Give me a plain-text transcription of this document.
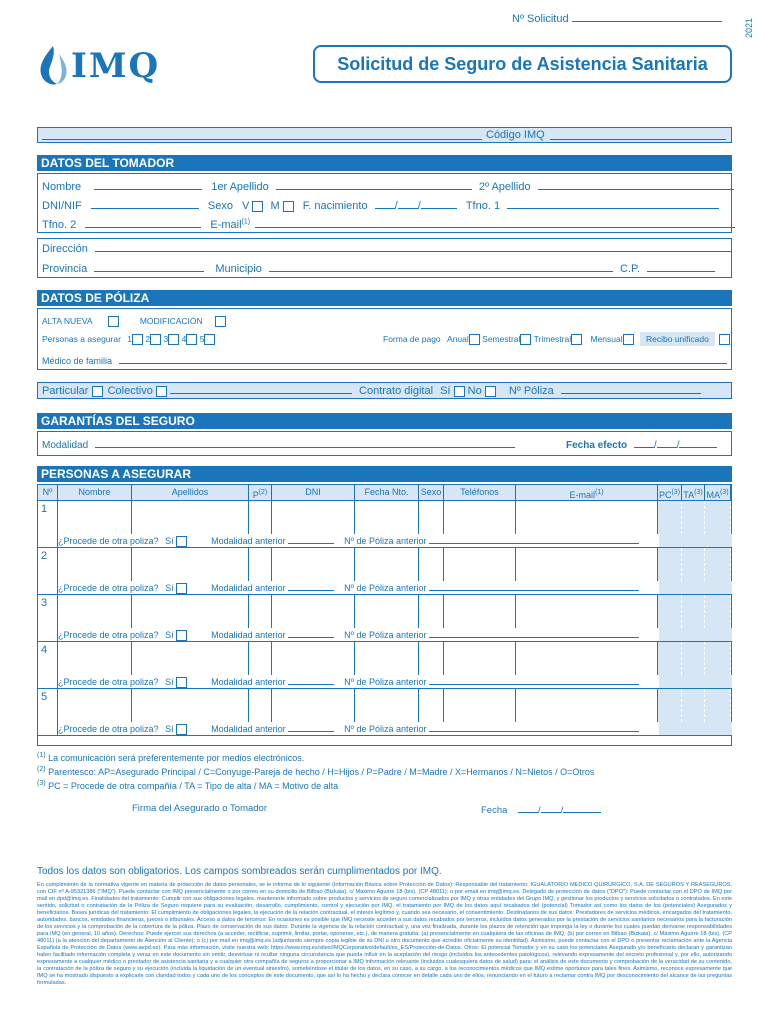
Nº Solicitud	2021
IMQ	Solicitud de Seguro de Asistencia Sanitaria
Código IMQ
DATOS DEL TOMADOR
Nombre	1er Apellido	2º Apellido
DNI/NIF	Sexo V M F. nacimiento / /	Tfno. 1
Tfno. 2	E-mail$^{(1)}$
Dirección
Provincia	Municipio	C.P.
DATOS DE PÓLIZA
ALTA NUEVA	MODIFICACIÓN
Personas a asegurar 1 2 3 4 5	Forma de pago Anual Semestral Trimestral Mensual	Recibo unificado
Médico de familia
Particular Colectivo	Contrato digital Sí No Nº Póliza
GARANTÍAS DEL SEGURO
Modalidad	Fecha efecto	/ /
PERSONAS A ASEGURAR
Nº	Nombre	Apellidos	$P^{(2)}$	DNI	Fecha Nto.	Sexo	Teléfonos	E-mail$^{(1)}$	PC$^{(3)}$ TA$^{(3)}$ MA$^{(3)}$
1
¿Procede de otra poliza? Sí	Modalidad anterior	Nº de Póliza anterior
2
¿Procede de otra poliza? Sí	Modalidad anterior	Nº de Póliza anterior
3
¿Procede de otra poliza? Sí	Modalidad anterior	Nº de Póliza anterior
4
¿Procede de otra poliza? Sí	Modalidad anterior	Nº de Póliza anterior
5
¿Procede de otra poliza? Sí	Modalidad anterior	Nº de Póliza anterior
$^{(1)}$ La comunicación será preferentemente por medios electrónicos.
$^{(2)}$ Parentesco: AP=Asegurado Principal / C=Conyuge-Pareja de hecho / H=Hijos / P=Padre / M=Madre / X=Hermanos / N=Nietos / O=Otros
$^{(3)}$ PC = Procede de otra compañía / TA = Tipo de alta / MA = Motivo de alta
Firma del Asegurado o Tomador	Fecha	/ /
Todos los datos son obligatorios. Los campos sombreados serán cumplimentados por IMQ.
En cumplimiento de la normativa vigente en materia de protección de datos personales, se le informa de lo siguiente (Información Básica sobre Protección de Datos): Responsable del tratamiento: IGUALATORIO MÉDICO QUIRÚRGICO, S.A. DE SEGUROS Y REASEGUROS, con CIF nº A-95321386 ("IMQ"). Puede contactar con IMQ presencialmente o por correo en su domicilio de Bilbao (Bizkaia), c/ Máximo Aguirre 18 (bis), (CP 48011); o por email en imq@imq.es. Delegado de protección de datos ("DPO"): Puede contactar con el DPO de IMQ por mail en dpd@imq.es. Finalidades del tratamiento: Cumplir con sus obligaciones legales, mantenerle informado sobre productos y servicios de seguro comercializados por IMQ y otras entidades del Grupo IMQ, y gestionar los productos y servicios solicitados o contratados. En este sentido, solicitud o contratación de la Póliza de Seguro requiere para su evaluación, desarrollo, cumplimiento, control y ejecución por IMQ, el tratamiento por IMQ de los datos aquí recabados del (potencial) Tomador así como los datos de los (potenciales) Asegurados y beneficiarios. Bases jurídicas del tratamiento: El cumplimiento de obligaciones legales, la ejecución de la relación contractual, el interés legítimo y, cuando sea necesario, el consentimiento. Destinatarios de sus datos: Prestadores de servicios médicos, encargados del tratamiento, autoridades, bancos, entidades financieras, jueces o tribunales. Acceso a datos de terceros: En ocasiones es posible que IMQ necesite acceder a sus datos recabados por terceros, incluidos datos generados por la prestación de servicios sanitarios necesarios para la facturación de los servicios y la comprobación de la cobertura de la póliza. Plazo de conservación de sus datos: Durante la vigencia de la relación contractual y, una vez finalizada, durante los plazos de retención que imponga la ley o durante los cuales puedan derivarse responsabilidades para IMQ (en general, 10 años). Derechos: Puede ejercer sus derechos (a acceder, rectificar, suprimir, limitar, portar, oponerse, etc.), de manera gratuita: (a) presencialmente en cualquiera de las oficinas de IMQ; (b) por correo en Bilbao (Bizkaia), c/ Máximo Aguirre 18 (bis), (CP 48011) (a la atención del departamento de Atención al Cliente); o (c) por mail en imq@imq.es (adjuntando siempre copia legible de su DNI u otro documento que acredite oficialmente su identidad). Asimismo, puede contactar con el DPO o presentar reclamación ante la Agencia Española de Protección de Datos (www.aepd.es). Para más información, visite nuestra web: https://www.imq.es/sites/IMQCorporativo/default/es_ES/Protección-de-Datos. Otros: El potencial Tomador y en su caso los potenciales Asegurado y/o beneficiario declaran y garantizan haber facilitado información completa y veraz en este documento sin omitir, desvirtuar ni ocultar ninguna circunstancia que pueda influir en la aceptación del riesgo (incluidos los antecedentes patológicos), relevando expresamente del secreto profesional y, por ello, autorizando expresamente a cualquier médico o prestador de asistencia sanitaria y a cualquier otra compañía de seguros a proporcionar a IMQ información relevante (incluidos cualesquiera datos de salud) para: el análisis de este documento y comprobación de la veracidad de su contenido, la contratación de la póliza de seguro y su ejecución (incluida la liquidación de un eventual siniestro), sometiéndose el titular de los datos, en su caso, a su cargo, a los reconocimientos médicos que IMQ estime oportunos para tales fines. Asimismo, reconoce expresamente que IMQ se ha mostrado dispuesto a explicarle con claridad todos y cada uno de los conceptos de este documento, que así lo ha hecho y declara conocer en detalle cada uno de ellos, renunciando en el futuro a reclamar contra IMQ por desconocimiento del alcance de las preguntas formuladas.
